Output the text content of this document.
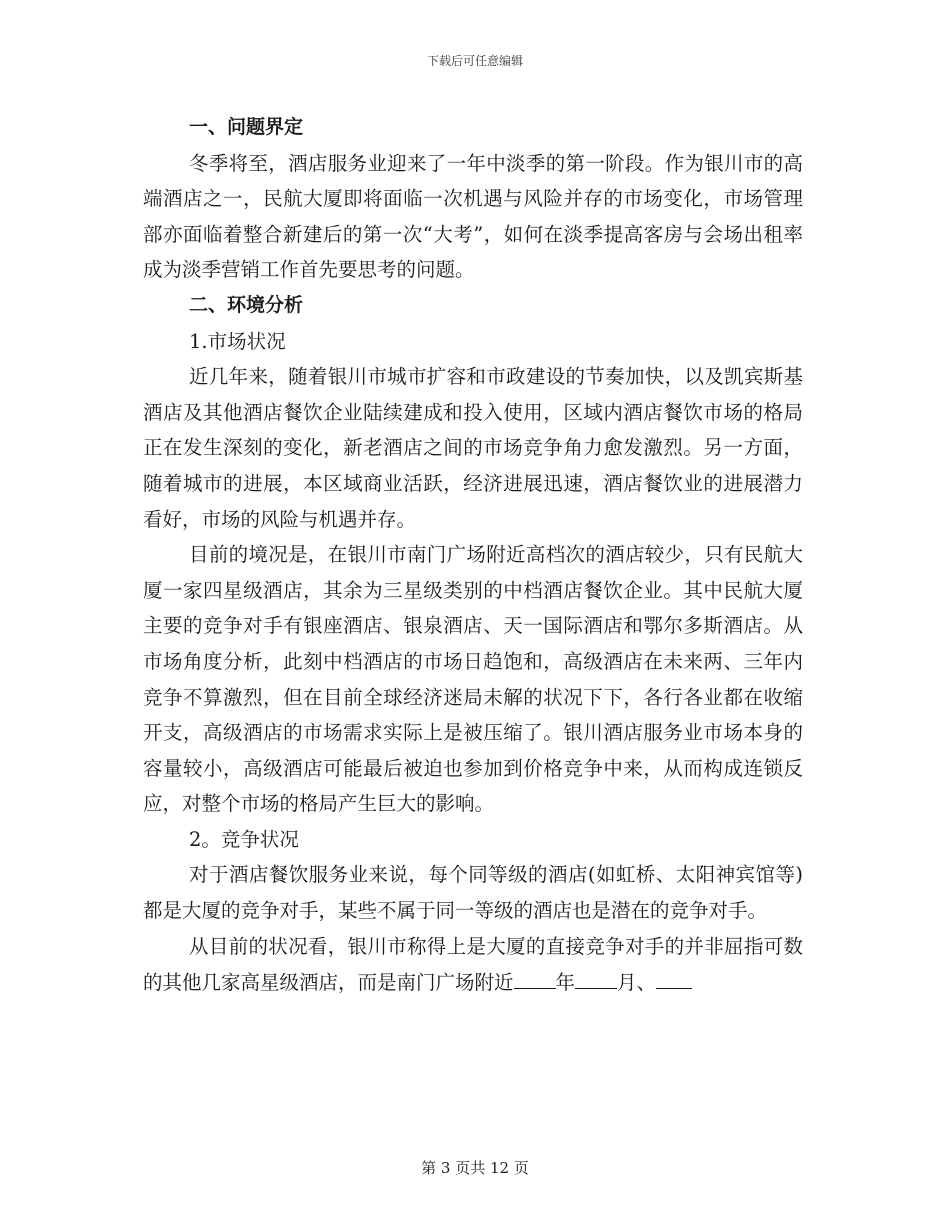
下载后可任意编辑

一、问题界定

冬季将至，酒店服务业迎来了一年中淡季的第一阶段。作为银川市的高端酒店之一，民航大厦即将面临一次机遇与风险并存的市场变化，市场管理部亦面临着整合新建后的第一次“大考”，如何在淡季提高客房与会场出租率成为淡季营销工作首先要思考的问题。

二、环境分析

1.市场状况

近几年来，随着银川市城市扩容和市政建设的节奏加快，以及凯宾斯基酒店及其他酒店餐饮企业陆续建成和投入使用，区域内酒店餐饮市场的格局正在发生深刻的变化，新老酒店之间的市场竞争角力愈发激烈。另一方面，随着城市的进展，本区域商业活跃，经济进展迅速，酒店餐饮业的进展潜力看好，市场的风险与机遇并存。

目前的境况是，在银川市南门广场附近高档次的酒店较少，只有民航大厦一家四星级酒店，其余为三星级类别的中档酒店餐饮企业。其中民航大厦主要的竞争对手有银座酒店、银泉酒店、天一国际酒店和鄂尔多斯酒店。从市场角度分析，此刻中档酒店的市场日趋饱和，高级酒店在未来两、三年内竞争不算激烈，但在目前全球经济迷局未解的状况下下，各行各业都在收缩开支，高级酒店的市场需求实际上是被压缩了。银川酒店服务业市场本身的容量较小，高级酒店可能最后被迫也参加到价格竞争中来，从而构成连锁反应，对整个市场的格局产生巨大的影响。

2。竞争状况

对于酒店餐饮服务业来说，每个同等级的酒店(如虹桥、太阳神宾馆等)都是大厦的竞争对手，某些不属于同一等级的酒店也是潜在的竞争对手。

从目前的状况看，银川市称得上是大厦的直接竞争对手的并非屈指可数的其他几家高星级酒店，而是南门广场附近 年 月、

第 3 页共 12 页
